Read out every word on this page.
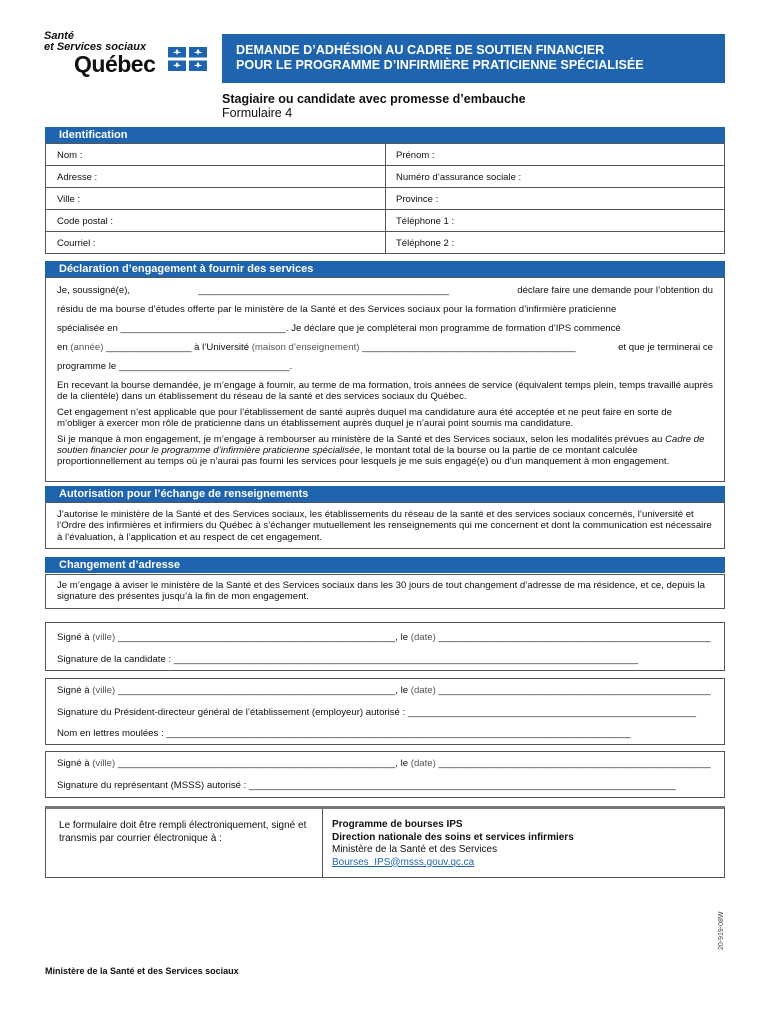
Santé
et Services sociaux
Québec
DEMANDE D’ADHÉSION AU CADRE DE SOUTIEN FINANCIER
POUR LE PROGRAMME D’INFIRMIÈRE PRATICIENNE SPÉCIALISÉE
Stagiaire ou candidate avec promesse d’embauche
Formulaire 4
Identification
Nom :	Prénom :
Adresse :	Numéro d’assurance sociale :
Ville :	Province :
Code postal :	Téléphone 1 :
Courriel :	Téléphone 2 :
Déclaration d’engagement à fournir des services
Je, soussigné(e),	_______________________________________________	déclare faire une demande pour l’obtention du
résidu de ma bourse d’études offerte par le ministère de la Santé et des Services sociaux pour la formation d’infirmière praticienne
spécialisée en _______________________________. Je déclare que je compléterai mon programme de formation d’IPS commencé
en (année) ________________ à l’Université (maison d’enseignement) ________________________________________	et que je terminerai ce
programme le ________________________________.

En recevant la bourse demandée, je m’engage à fournir, au terme de ma formation, trois années de service (équivalent temps plein, temps travaillé auprès de la clientèle) dans un établissement du réseau de la santé et des services sociaux du Québec.

Cet engagement n’est applicable que pour l’établissement de santé auprès duquel ma candidature aura été acceptée et ne peut faire en sorte de m’obliger à exercer mon rôle de praticienne dans un établissement auprès duquel je n’aurai point soumis ma candidature.

Si je manque à mon engagement, je m’engage à rembourser au ministère de la Santé et des Services sociaux, selon les modalités prévues au Cadre de soutien financier pour le programme d’infirmière praticienne spécialisée, le montant total de la bourse ou la partie de ce montant calculée proportionnellement au temps où je n’aurai pas fourni les services pour lesquels je me suis engagé(e) ou d’un manquement à mon engagement.

Autorisation pour l’échange de renseignements
J’autorise le ministère de la Santé et des Services sociaux, les établissements du réseau de la santé et des services sociaux concernés, l’université et l’Ordre des infirmières et infirmiers du Québec à s’échanger mutuellement les renseignements qui me concernent et dont la communication est nécessaire à l’évaluation, à l’application et au respect de cet engagement.
Changement d’adresse
Je m’engage à aviser le ministère de la Santé et des Services sociaux dans les 30 jours de tout changement d’adresse de ma résidence, et ce, depuis la signature des présentes jusqu’à la fin de mon engagement.
Signé à (ville) ____________________________________________________, le (date) ___________________________________________________
Signature de la candidate : _______________________________________________________________________________________
Signé à (ville) ____________________________________________________, le (date) ___________________________________________________
Signature du Président-directeur général de l’établissement (employeur) autorisé : ______________________________________________________
Nom en lettres moulées : _______________________________________________________________________________________
Signé à (ville) ____________________________________________________, le (date) ___________________________________________________
Signature du représentant (MSSS) autorisé : ________________________________________________________________________________
Le formulaire doit être rempli électroniquement, signé et transmis par courrier électronique à :
Programme de bourses IPS
Direction nationale des soins et services infirmiers
Ministère de la Santé et des Services
Bourses_IPS@msss.gouv.qc.ca
20-919-08W
Ministère de la Santé et des Services sociaux
